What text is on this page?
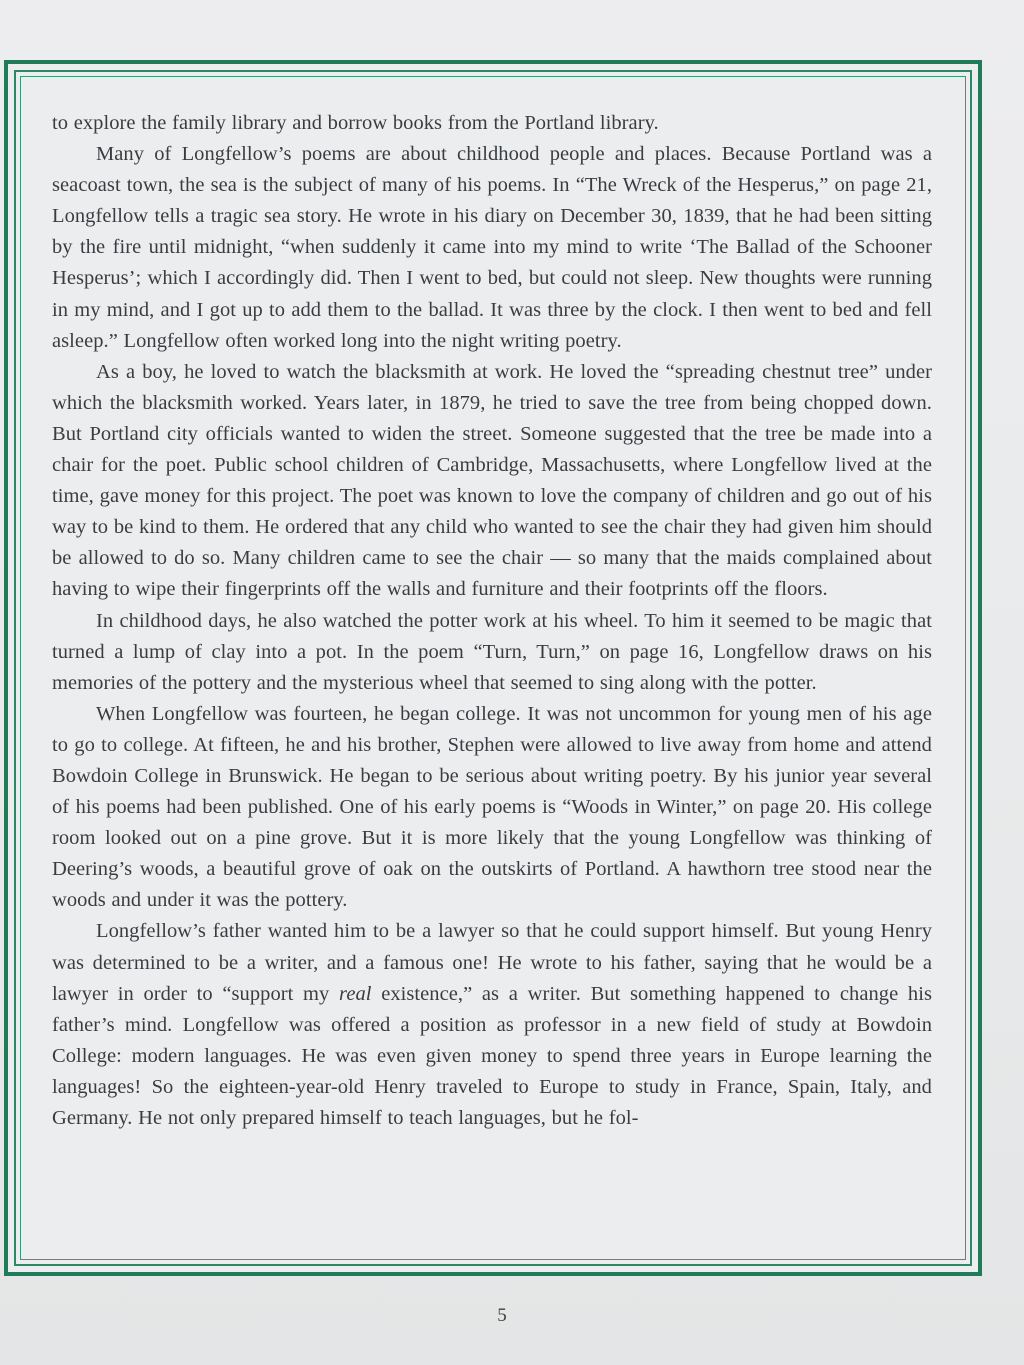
to explore the family library and borrow books from the Portland library.

Many of Longfellow’s poems are about childhood people and places. Because Portland was a seacoast town, the sea is the subject of many of his poems. In “The Wreck of the Hesperus,” on page 21, Longfellow tells a tragic sea story. He wrote in his diary on December 30, 1839, that he had been sitting by the fire until midnight, “when suddenly it came into my mind to write ‘The Ballad of the Schooner Hesperus’; which I accordingly did. Then I went to bed, but could not sleep. New thoughts were running in my mind, and I got up to add them to the ballad. It was three by the clock. I then went to bed and fell asleep.” Longfellow often worked long into the night writing poetry.

As a boy, he loved to watch the blacksmith at work. He loved the “spreading chestnut tree” under which the blacksmith worked. Years later, in 1879, he tried to save the tree from being chopped down. But Portland city officials wanted to widen the street. Someone suggested that the tree be made into a chair for the poet. Public school children of Cambridge, Massachusetts, where Longfellow lived at the time, gave money for this project. The poet was known to love the company of children and go out of his way to be kind to them. He ordered that any child who wanted to see the chair they had given him should be allowed to do so. Many children came to see the chair — so many that the maids complained about having to wipe their fingerprints off the walls and furniture and their footprints off the floors.

In childhood days, he also watched the potter work at his wheel. To him it seemed to be magic that turned a lump of clay into a pot. In the poem “Turn, Turn,” on page 16, Longfellow draws on his memories of the pottery and the mysterious wheel that seemed to sing along with the potter.

When Longfellow was fourteen, he began college. It was not uncommon for young men of his age to go to college. At fifteen, he and his brother, Stephen were allowed to live away from home and attend Bowdoin College in Brunswick. He began to be serious about writing poetry. By his junior year several of his poems had been published. One of his early poems is “Woods in Winter,” on page 20. His college room looked out on a pine grove. But it is more likely that the young Longfellow was thinking of Deering’s woods, a beautiful grove of oak on the outskirts of Portland. A hawthorn tree stood near the woods and under it was the pottery.

Longfellow’s father wanted him to be a lawyer so that he could support himself. But young Henry was determined to be a writer, and a famous one! He wrote to his father, saying that he would be a lawyer in order to “support my real existence,” as a writer. But something happened to change his father’s mind. Longfellow was offered a position as professor in a new field of study at Bowdoin College: modern languages. He was even given money to spend three years in Europe learning the languages! So the eighteen-year-old Henry traveled to Europe to study in France, Spain, Italy, and Germany. He not only prepared himself to teach languages, but he fol-

5
